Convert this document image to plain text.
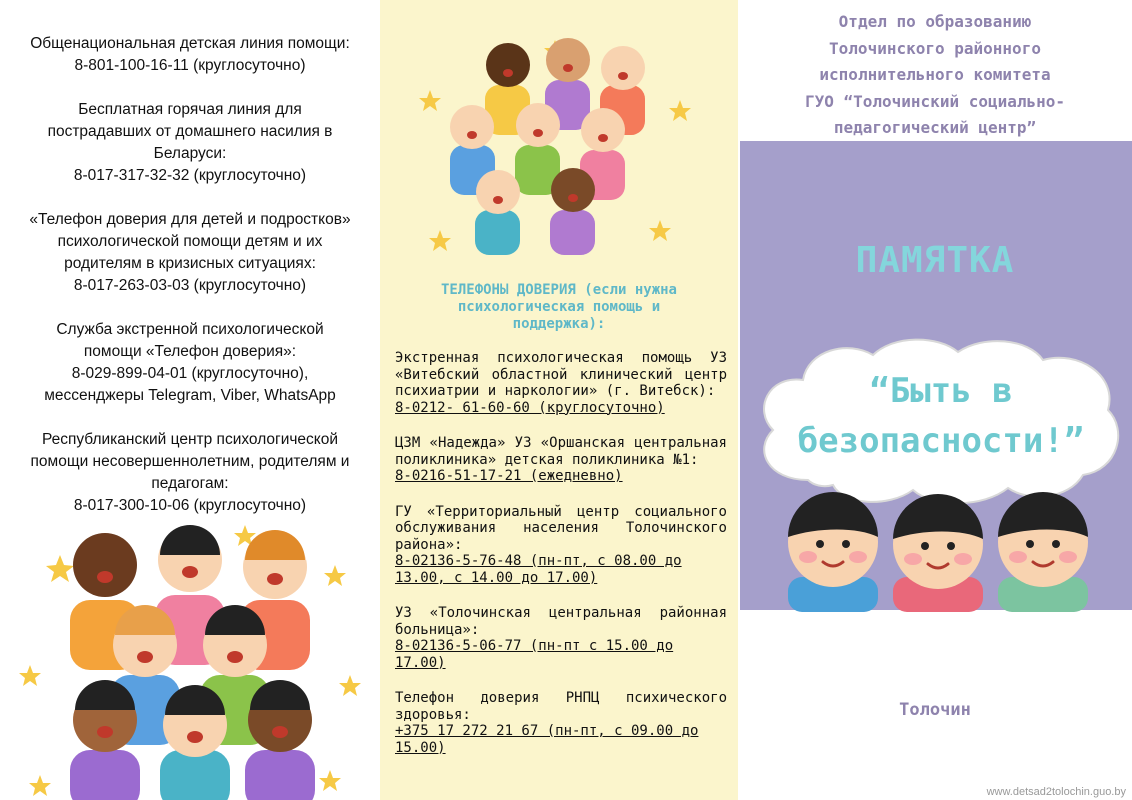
Общенациональная детская линия помощи:
8-801-100-16-11 (круглосуточно)
Бесплатная горячая линия для
пострадавших от домашнего насилия в
Беларуси:
8-017-317-32-32 (круглосуточно)
«Телефон доверия для детей и подростков»
психологической помощи детям и их
родителям в кризисных ситуациях:
8-017-263-03-03 (круглосуточно)
Служба экстренной психологической
помощи «Телефон доверия»:
8-029-899-04-01 (круглосуточно),
мессенджеры Telegram, Viber, WhatsApp
Республиканский центр психологической
помощи несовершеннолетним, родителям и
педагогам:
8-017-300-10-06 (круглосуточно)
ТЕЛЕФОНЫ ДОВЕРИЯ (если нужна
психологическая помощь и
поддержка):
Экстренная психологическая помощь УЗ «Витебский областной клинический центр психиатрии и наркологии» (г. Витебск):
8-0212- 61-60-60 (круглосуточно)
ЦЗМ «Надежда» УЗ «Оршанская центральная поликлиника» детская поликлиника №1:
8-0216-51-17-21 (ежедневно)
ГУ «Территориальный центр социального обслуживания населения Толочинского района»:
8-02136-5-76-48 (пн-пт, с 08.00 до 13.00, с 14.00 до 17.00)
УЗ «Толочинская центральная районная больница»:
8-02136-5-06-77 (пн-пт с 15.00 до 17.00)
Телефон доверия РНПЦ психического здоровья:
+375 17 272 21 67 (пн-пт, с 09.00 до 15.00)
Отдел по образованию
Толочинского районного
исполнительного комитета
ГУО “Толочинский социально-
педагогический центр”
ПАМЯТКА
“Быть в
безопасности!”
Толочин
www.detsad2tolochin.guo.by
